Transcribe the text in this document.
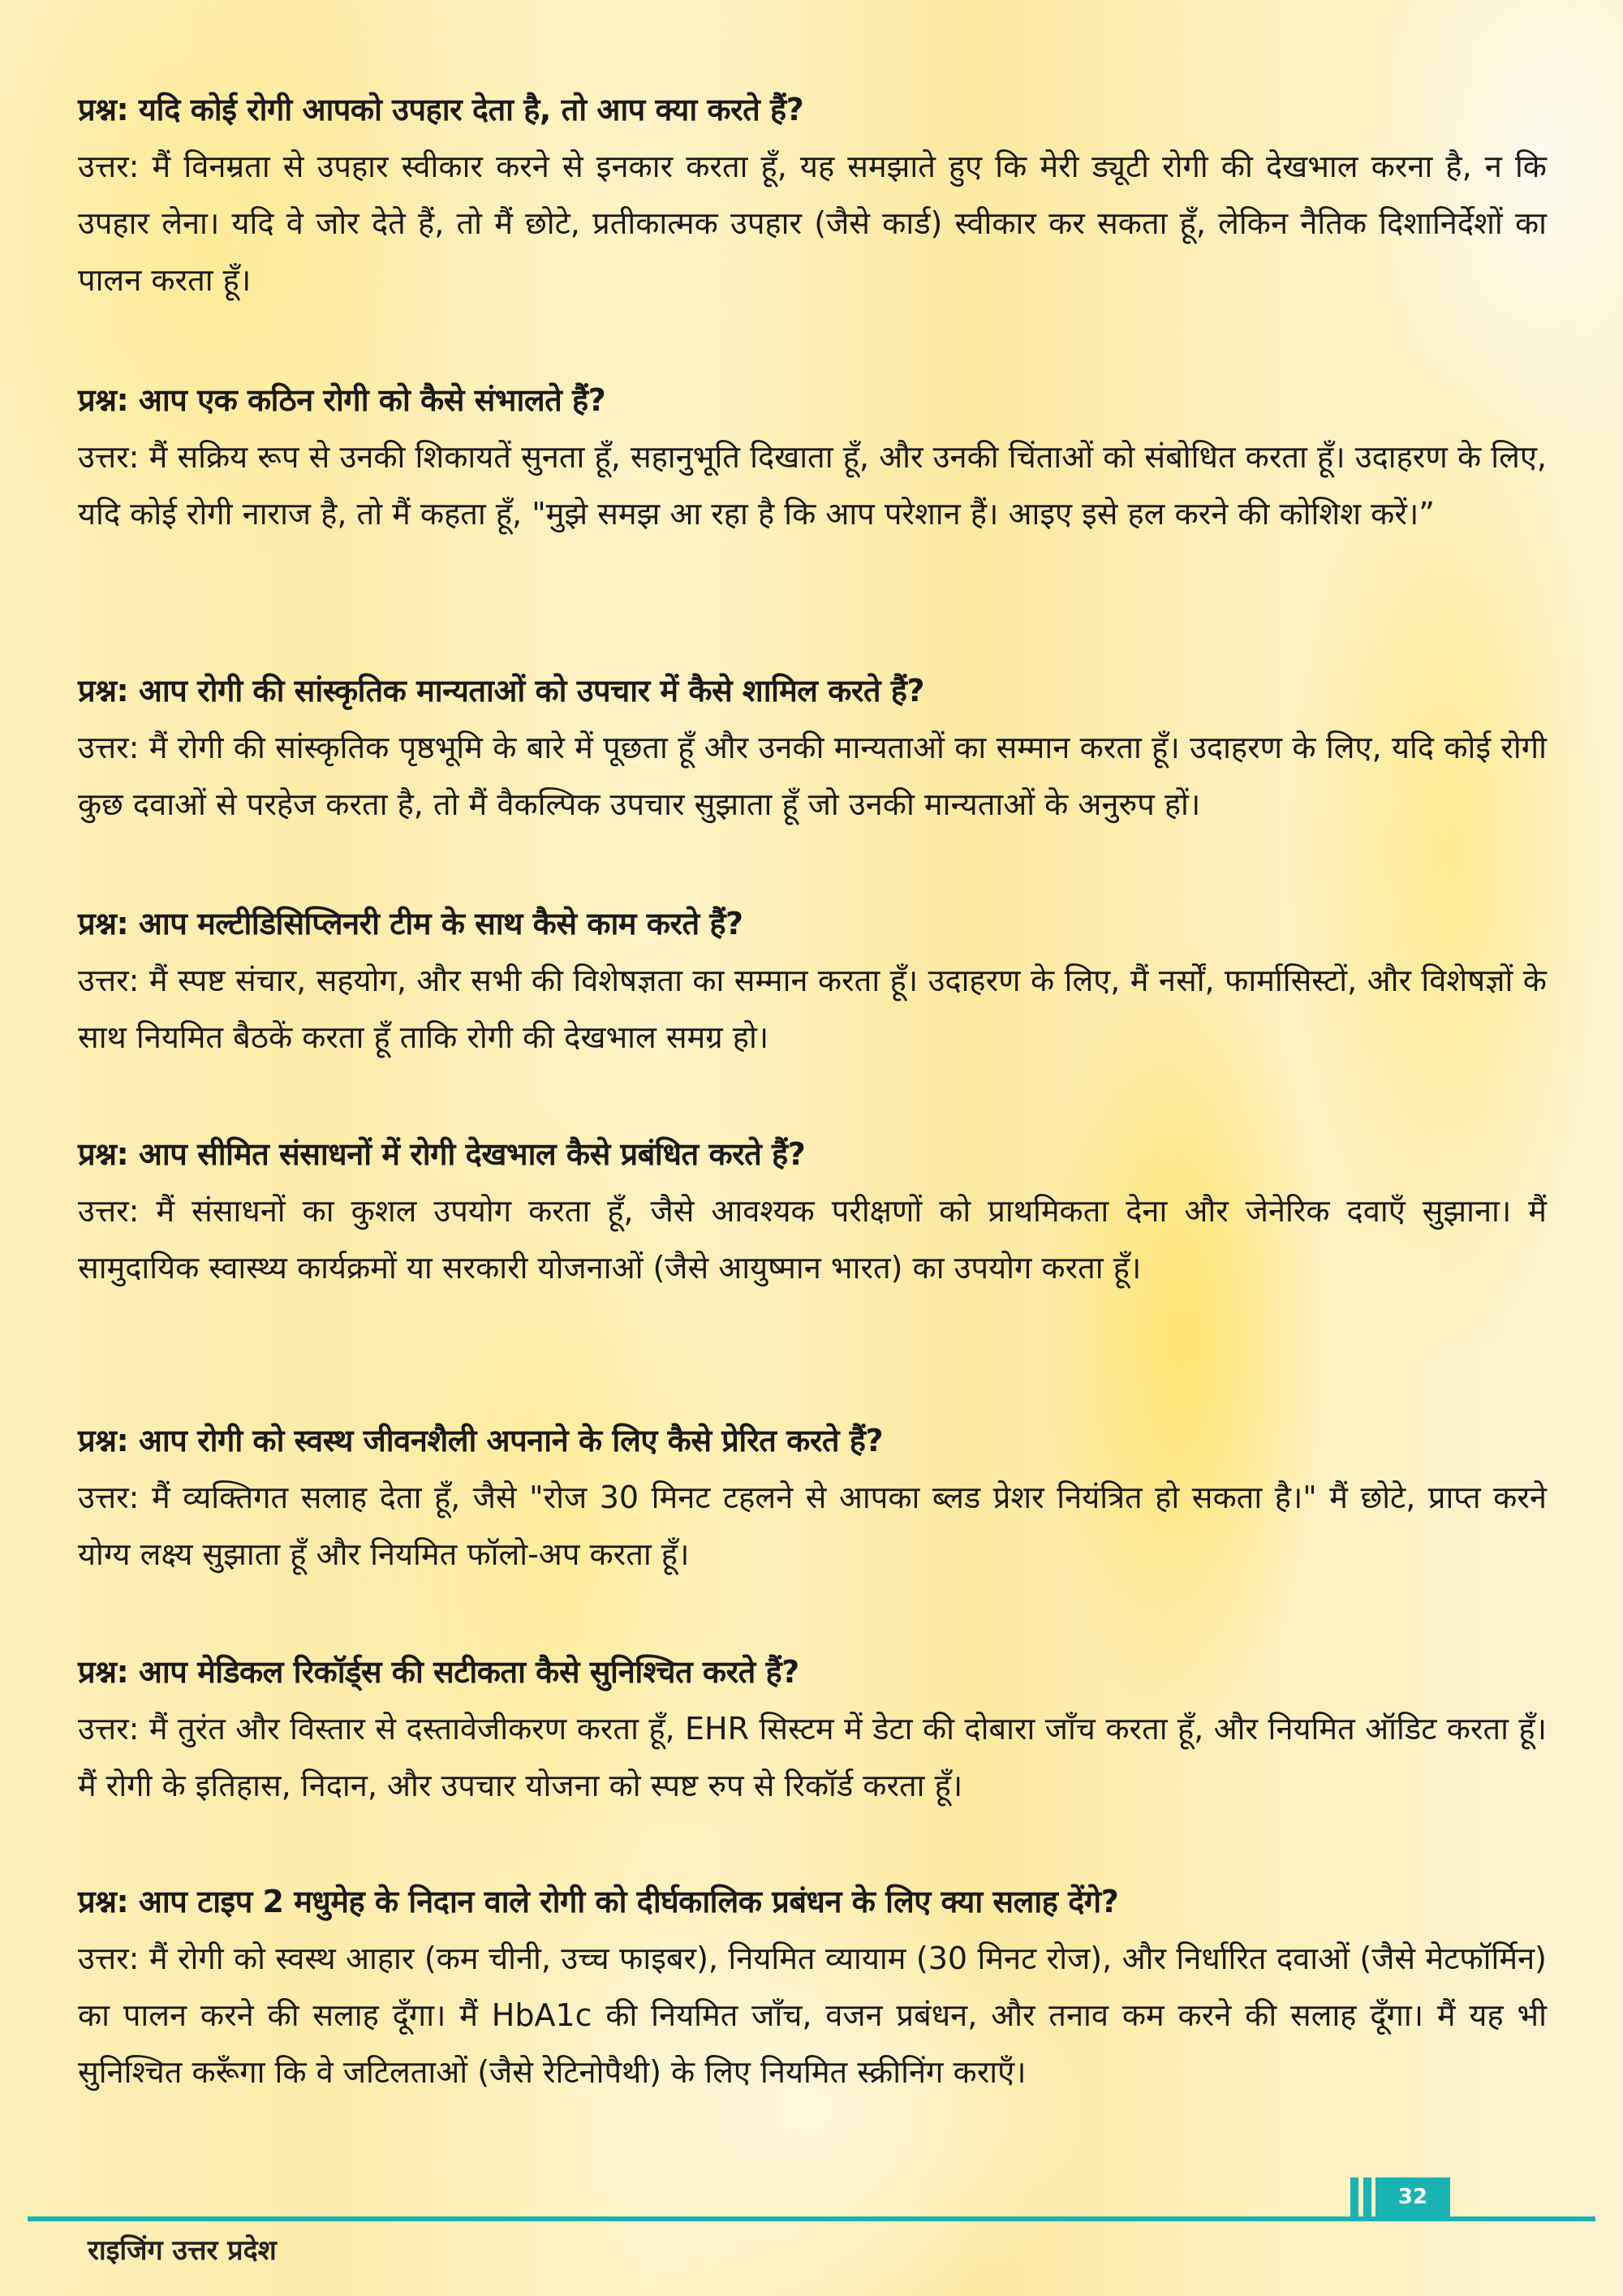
प्रश्न: यदि कोई रोगी आपको उपहार देता है, तो आप क्या करते हैं?

उत्तर: मैं विनम्रता से उपहार स्वीकार करने से इनकार करता हूँ, यह समझाते हुए कि मेरी ड्यूटी रोगी की देखभाल करना है, न कि उपहार लेना। यदि वे जोर देते हैं, तो मैं छोटे, प्रतीकात्मक उपहार (जैसे कार्ड) स्वीकार कर सकता हूँ, लेकिन नैतिक दिशानिर्देशों का पालन करता हूँ।

प्रश्न: आप एक कठिन रोगी को कैसे संभालते हैं?

उत्तर: मैं सक्रिय रूप से उनकी शिकायतें सुनता हूँ, सहानुभूति दिखाता हूँ, और उनकी चिंताओं को संबोधित करता हूँ। उदाहरण के लिए, यदि कोई रोगी नाराज है, तो मैं कहता हूँ, "मुझे समझ आ रहा है कि आप परेशान हैं। आइए इसे हल करने की कोशिश करें।”

प्रश्न: आप रोगी की सांस्कृतिक मान्यताओं को उपचार में कैसे शामिल करते हैं?

उत्तर: मैं रोगी की सांस्कृतिक पृष्ठभूमि के बारे में पूछता हूँ और उनकी मान्यताओं का सम्मान करता हूँ। उदाहरण के लिए, यदि कोई रोगी कुछ दवाओं से परहेज करता है, तो मैं वैकल्पिक उपचार सुझाता हूँ जो उनकी मान्यताओं के अनुरुप हों।

प्रश्न: आप मल्टीडिसिप्लिनरी टीम के साथ कैसे काम करते हैं?

उत्तर: मैं स्पष्ट संचार, सहयोग, और सभी की विशेषज्ञता का सम्मान करता हूँ। उदाहरण के लिए, मैं नर्सों, फार्मासिस्टों, और विशेषज्ञों के साथ नियमित बैठकें करता हूँ ताकि रोगी की देखभाल समग्र हो।

प्रश्न: आप सीमित संसाधनों में रोगी देखभाल कैसे प्रबंधित करते हैं?

उत्तर: मैं संसाधनों का कुशल उपयोग करता हूँ, जैसे आवश्यक परीक्षणों को प्राथमिकता देना और जेनेरिक दवाएँ सुझाना। मैं सामुदायिक स्वास्थ्य कार्यक्रमों या सरकारी योजनाओं (जैसे आयुष्मान भारत) का उपयोग करता हूँ।

प्रश्न: आप रोगी को स्वस्थ जीवनशैली अपनाने के लिए कैसे प्रेरित करते हैं?

उत्तर: मैं व्यक्तिगत सलाह देता हूँ, जैसे "रोज 30 मिनट टहलने से आपका ब्लड प्रेशर नियंत्रित हो सकता है।" मैं छोटे, प्राप्त करने योग्य लक्ष्य सुझाता हूँ और नियमित फॉलो-अप करता हूँ।

प्रश्न: आप मेडिकल रिकॉर्ड्स की सटीकता कैसे सुनिश्चित करते हैं?

उत्तर: मैं तुरंत और विस्तार से दस्तावेजीकरण करता हूँ, EHR सिस्टम में डेटा की दोबारा जाँच करता हूँ, और नियमित ऑडिट करता हूँ। मैं रोगी के इतिहास, निदान, और उपचार योजना को स्पष्ट रुप से रिकॉर्ड करता हूँ।

प्रश्न: आप टाइप 2 मधुमेह के निदान वाले रोगी को दीर्घकालिक प्रबंधन के लिए क्या सलाह देंगे?

उत्तर: मैं रोगी को स्वस्थ आहार (कम चीनी, उच्च फाइबर), नियमित व्यायाम (30 मिनट रोज), और निर्धारित दवाओं (जैसे मेटफॉर्मिन) का पालन करने की सलाह दूँगा। मैं HbA1c की नियमित जाँच, वजन प्रबंधन, और तनाव कम करने की सलाह दूँगा। मैं यह भी सुनिश्चित करूँगा कि वे जटिलताओं (जैसे रेटिनोपैथी) के लिए नियमित स्क्रीनिंग कराएँ।

32
राइजिंग उत्तर प्रदेश
